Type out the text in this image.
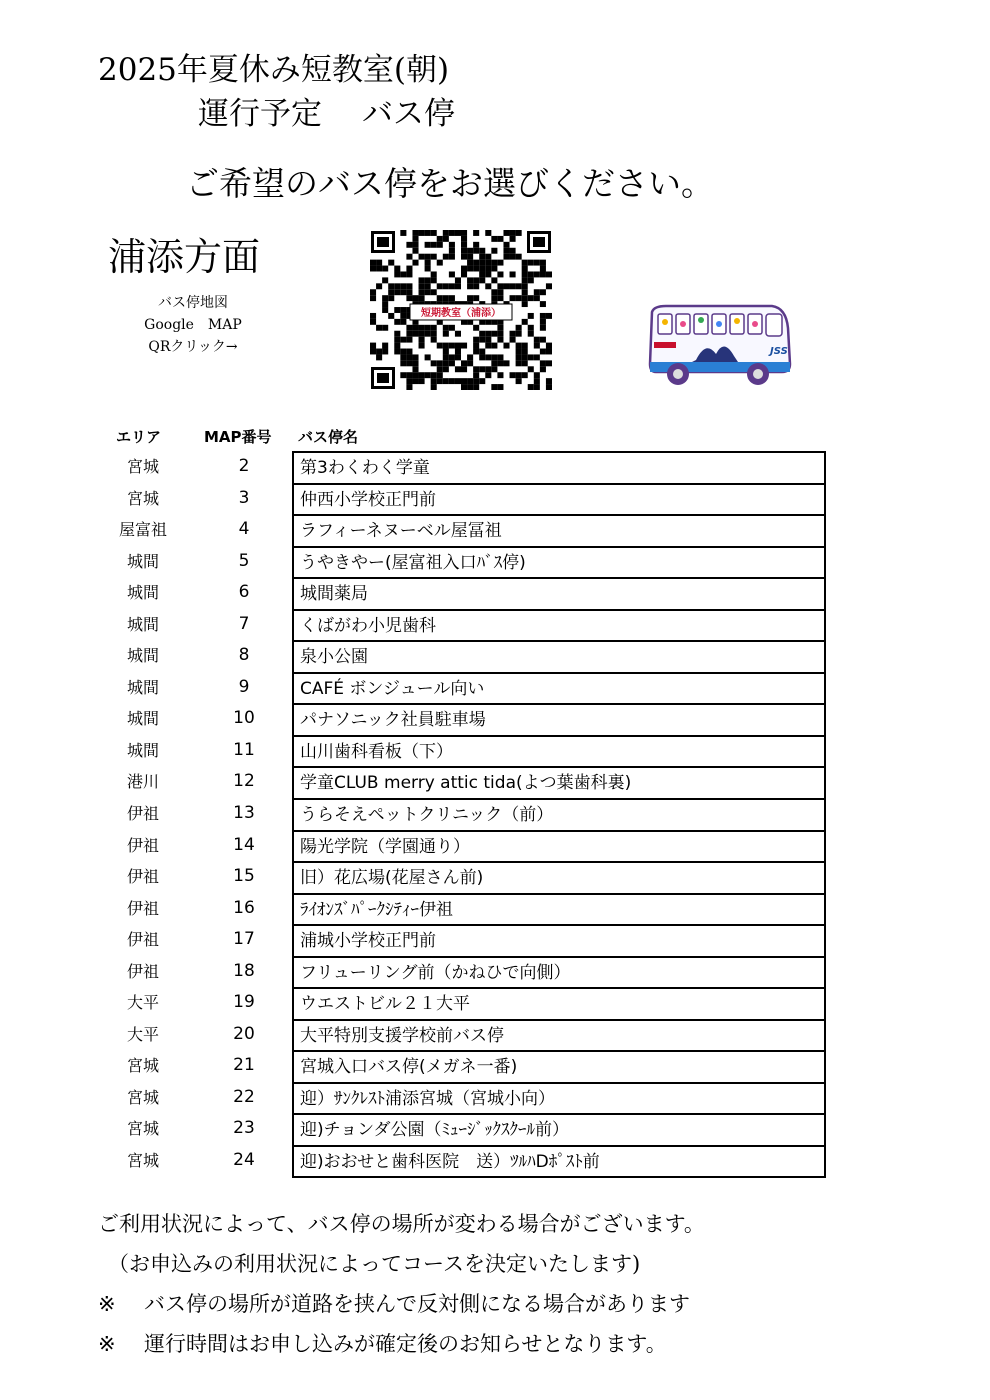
2025年夏休み短教室(朝)
運行予定 バス停
ご希望のバス停をお選びください。
浦添方面
バス停地図
Google　MAP
QRクリック→
短期教室（浦添）
JSS
エリア	MAP番号 バス停名
宮城	2	第3わくわく学童
宮城	3	仲西小学校正門前
屋富祖	4	ラフィーネヌーベル屋冨祖
城間	5	うやきやー(屋富祖入口ﾊﾞｽ停)
城間	6	城間薬局
城間	7	くばがわ小児歯科
城間	8	泉小公園
城間	9	CAFÉ ボンジュール向い
城間	10	パナソニック社員駐車場
城間	11	山川歯科看板（下）
港川	12	学童CLUB merry attic tida(よつ葉歯科裏)
伊祖	13	うらそえペットクリニック（前）
伊祖	14	陽光学院（学園通り）
伊祖	15	旧）花広場(花屋さん前)
伊祖	16	ﾗｲｵﾝｽﾞﾊﾟｰｸｼﾃｨｰ伊祖
伊祖	17	浦城小学校正門前
伊祖	18	フリューリング前（かねひで向側）
大平	19	ウエストビル２１大平
大平	20	大平特別支援学校前バス停
宮城	21	宮城入口バス停(メガネ一番)
宮城	22	迎）ｻﾝｸﾚｽﾄ浦添宮城（宮城小向）
宮城	23	迎)チョンダ公園（ﾐｭｰｼﾞｯｸｽｸｰﾙ前）
宮城	24	迎)おおせと歯科医院　送）ﾂﾙﾊDﾎﾟｽﾄ前
ご利用状況によって、バス停の場所が変わる場合がございます。
（お申込みの利用状況によってコースを決定いたします)
※ バス停の場所が道路を挟んで反対側になる場合があります
※ 運行時間はお申し込みが確定後のお知らせとなります。
